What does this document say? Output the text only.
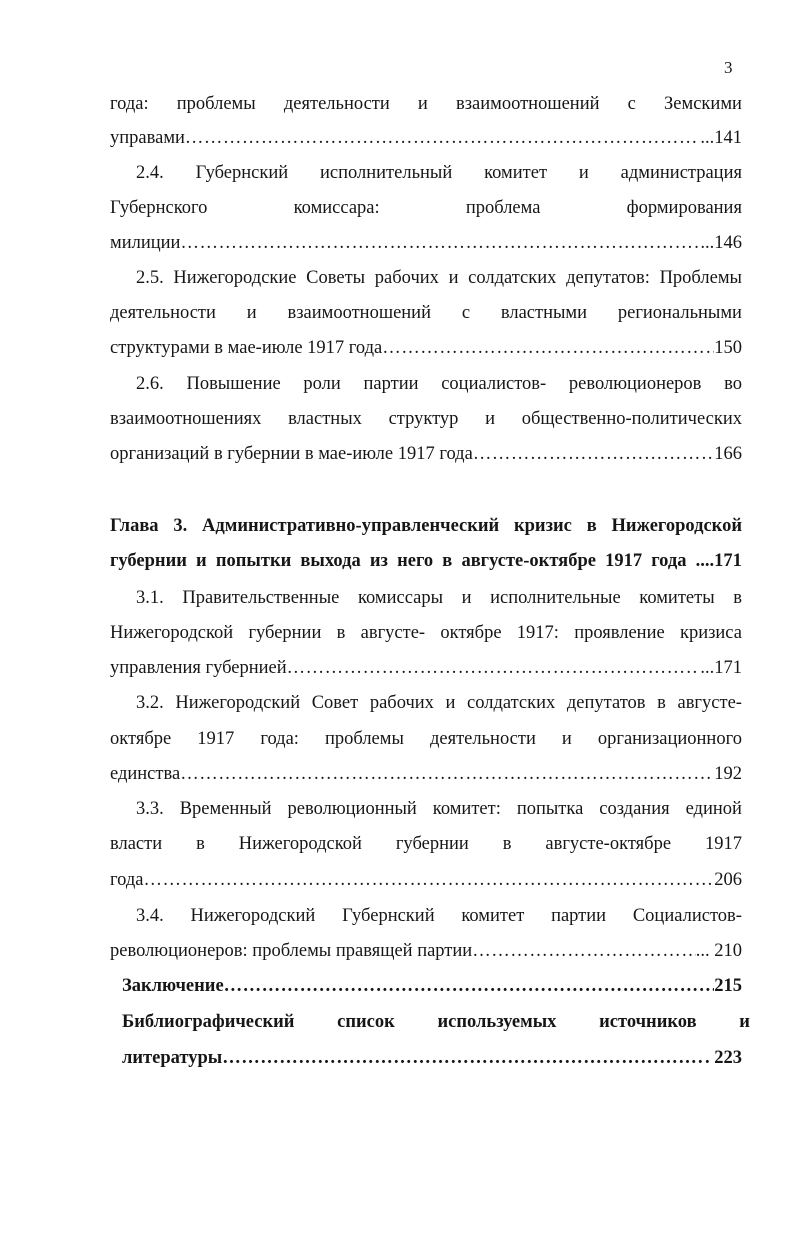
3
года: проблемы деятельности и взаимоотношений с Земскими
управами ……………………………………………………………………………………………………………………………………………………………………………………	...141
2.4. Губернский исполнительный комитет и администрация
Губернского	комиссара:	проблема	формирования
милиции ……………………………………………………………………………………………………………………………………………………………………………………	..146
2.5. Нижегородские Советы рабочих и солдатских депутатов: Проблемы
деятельности и взаимоотношений с властными региональными
структурами в мае-июле 1917 года ……………………………………………………………………………………………………………………………………………………………………………………	150
2.6. Повышение роли партии социалистов- революционеров во
взаимоотношениях властных структур и общественно-политических
организаций в губернии в мае-июле 1917 года ……………………………………………………………………………………………………………………………………………………………………………………	166
Глава 3. Административно-управленческий кризис в Нижегородской
губернии и попытки выхода из него в августе-октябре 1917 года ....171
3.1. Правительственные комиссары и исполнительные комитеты в
Нижегородской губернии в августе- октябре 1917: проявление кризиса
управления губернией ……………………………………………………………………………………………………………………………………………………………………………………	...171
3.2. Нижегородский Совет рабочих и солдатских депутатов в августе-
октябре 1917 года: проблемы деятельности и организационного
единства ……………………………………………………………………………………………………………………………………………………………………………………	192
3.3. Временный революционный комитет: попытка создания единой
власти в Нижегородской губернии в августе-октябре 1917
года ……………………………………………………………………………………………………………………………………………………………………………………	206
3.4. Нижегородский Губернский комитет партии Социалистов-
революционеров: проблемы правящей партии ……………………………………………………………………………………………………………………………………………………………………………………	... 210
Заключение ……………………………………………………………………………………………………………………………………………………………………………………	215
Библиографический список используемых источников и
литературы ……………………………………………………………………………………………………………………………………………………………………………………	. 223
